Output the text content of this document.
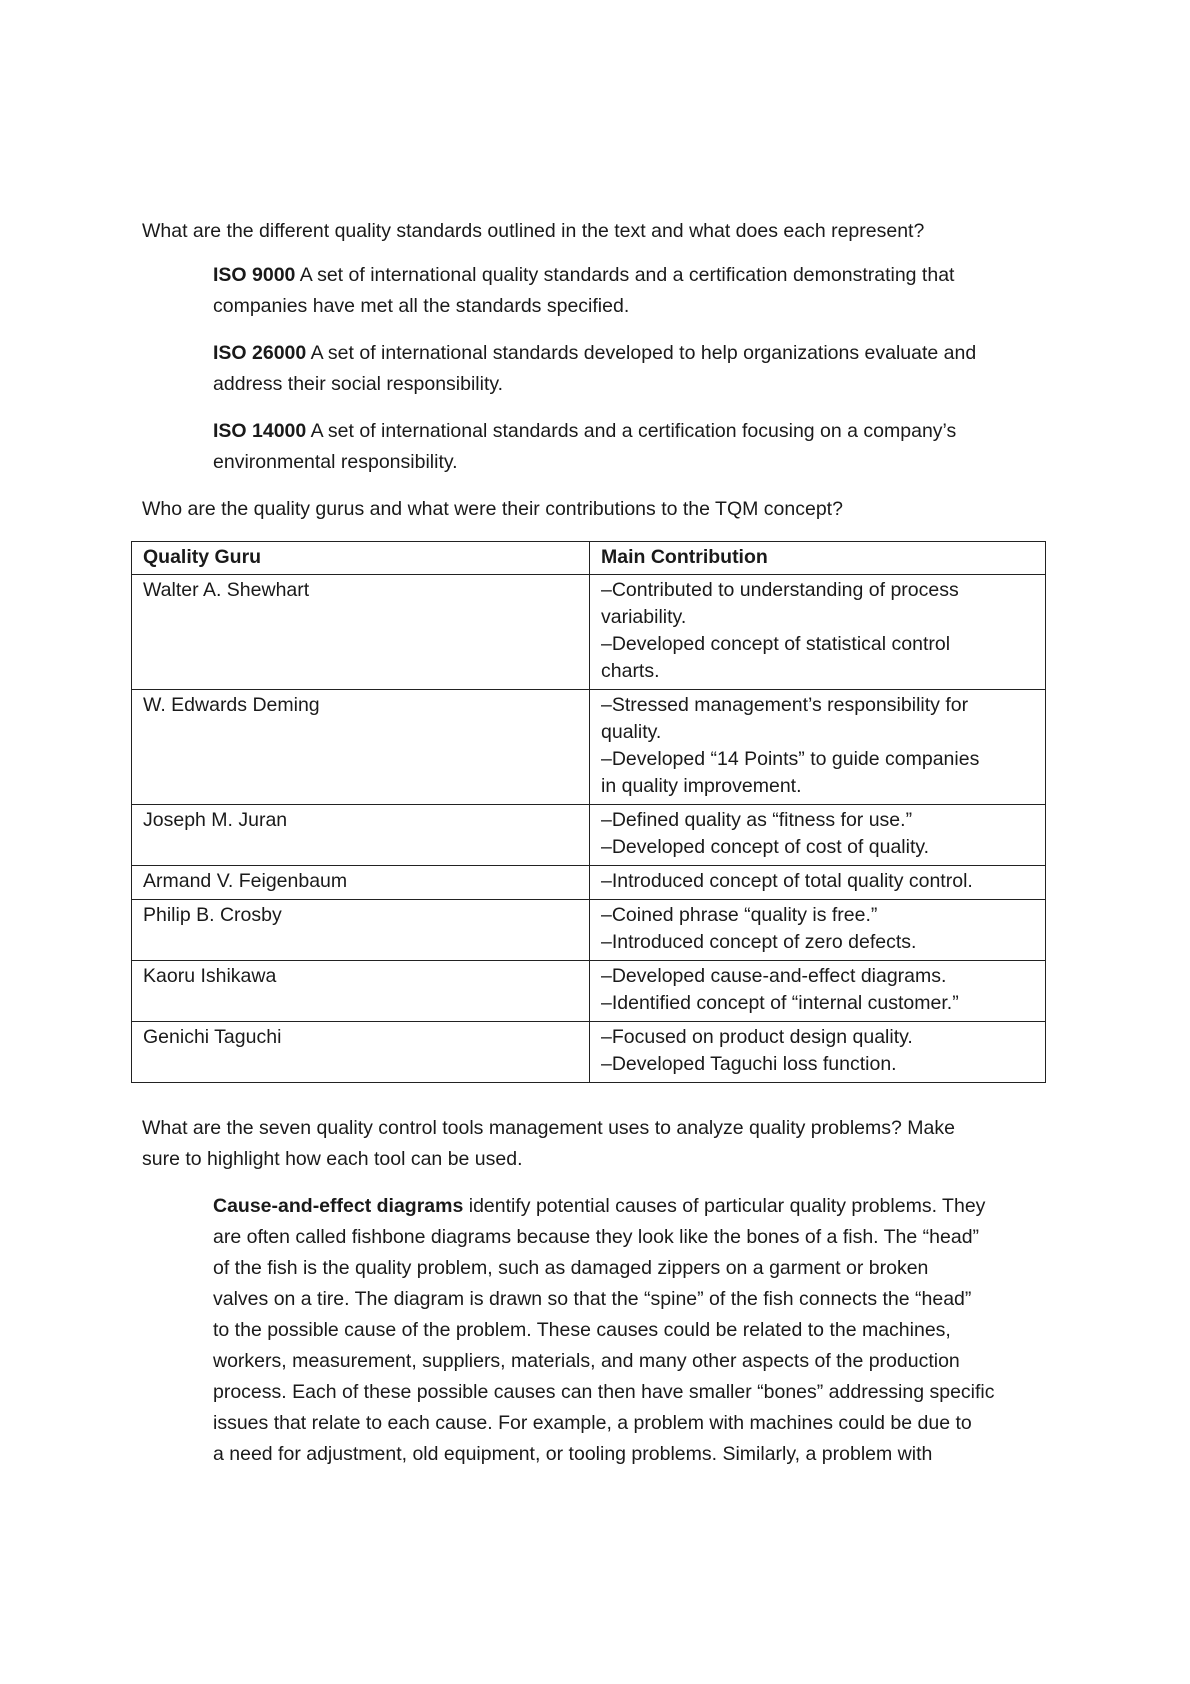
What are the different quality standards outlined in the text and what does each represent?

ISO 9000 A set of international quality standards and a certification demonstrating that
companies have met all the standards specified.

ISO 26000 A set of international standards developed to help organizations evaluate and
address their social responsibility.

ISO 14000 A set of international standards and a certification focusing on a company’s
environmental responsibility.

Who are the quality gurus and what were their contributions to the TQM concept?

Quality Guru	Main Contribution
Walter A. Shewhart	–Contributed to understanding of process
variability.
–Developed concept of statistical control
charts.

W. Edwards Deming	–Stressed management’s responsibility for
quality.
–Developed “14 Points” to guide companies
in quality improvement.

Joseph M. Juran	–Defined quality as “fitness for use.”
–Developed concept of cost of quality.

Armand V. Feigenbaum	–Introduced concept of total quality control.

Philip B. Crosby	–Coined phrase “quality is free.”
–Introduced concept of zero defects.

Kaoru Ishikawa	–Developed cause-and-effect diagrams.
–Identified concept of “internal customer.”

Genichi Taguchi	–Focused on product design quality.
–Developed Taguchi loss function.

What are the seven quality control tools management uses to analyze quality problems? Make
sure to highlight how each tool can be used.

Cause-and-effect diagrams identify potential causes of particular quality problems. They
are often called fishbone diagrams because they look like the bones of a fish. The “head”
of the fish is the quality problem, such as damaged zippers on a garment or broken
valves on a tire. The diagram is drawn so that the “spine” of the fish connects the “head”
to the possible cause of the problem. These causes could be related to the machines,
workers, measurement, suppliers, materials, and many other aspects of the production
process. Each of these possible causes can then have smaller “bones” addressing specific
issues that relate to each cause. For example, a problem with machines could be due to
a need for adjustment, old equipment, or tooling problems. Similarly, a problem with
